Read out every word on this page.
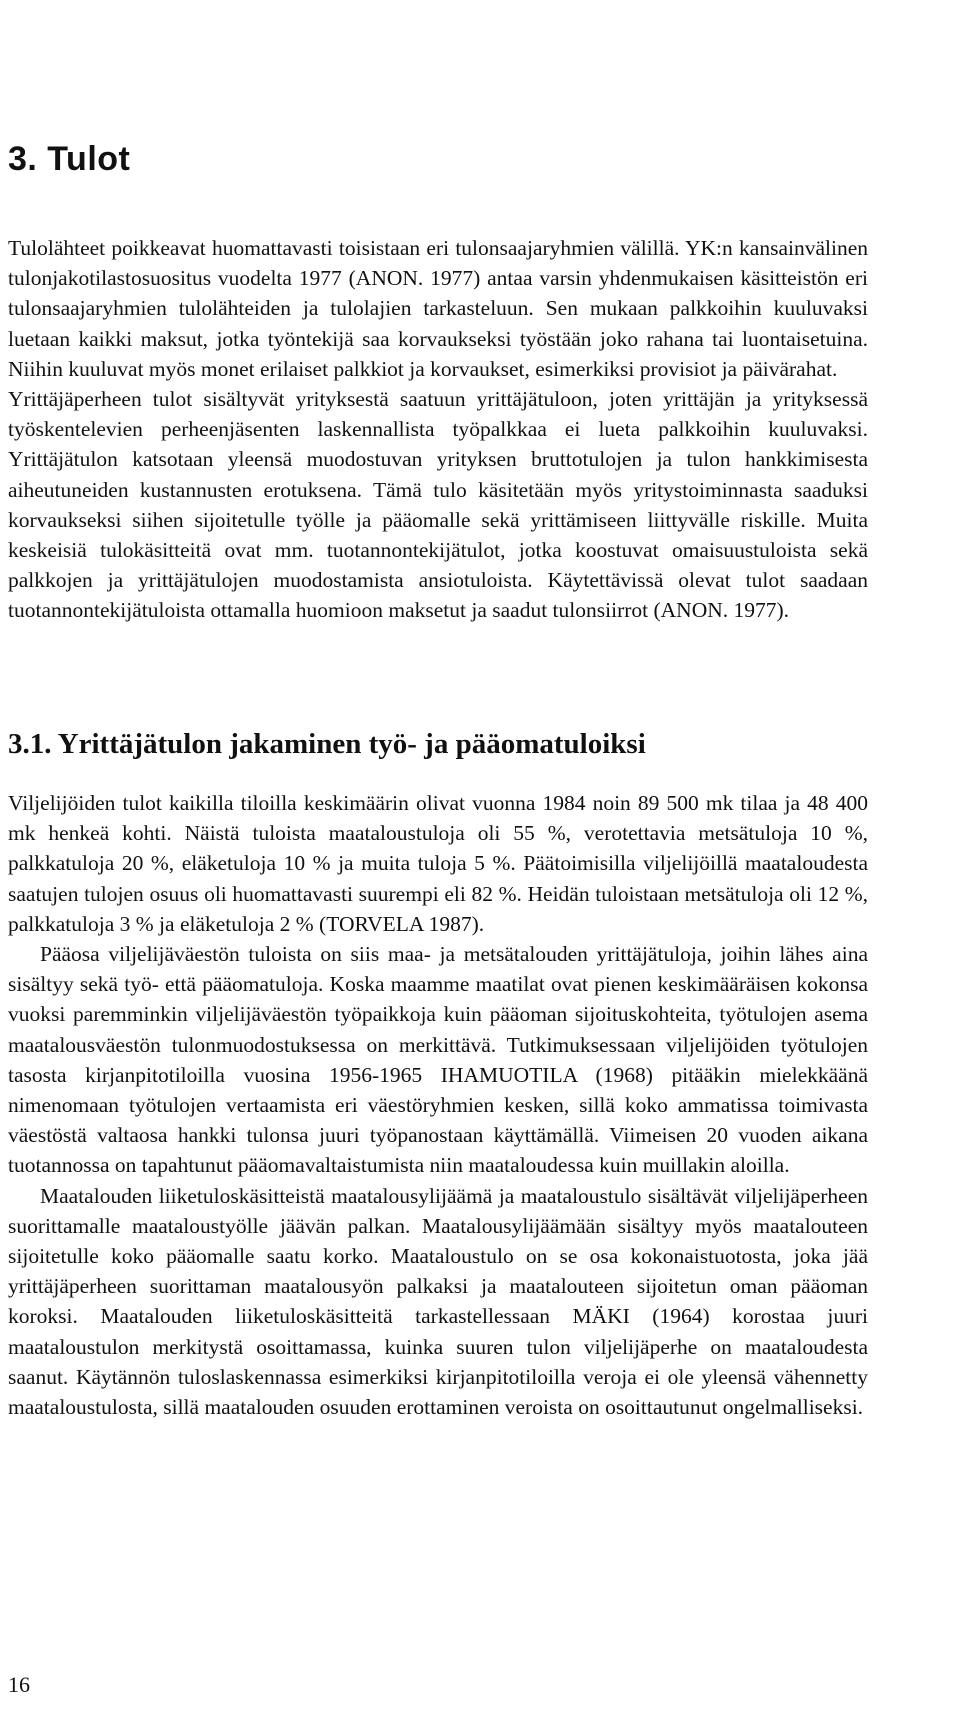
3. Tulot

Tulolähteet poikkeavat huomattavasti toisistaan eri tulonsaajaryhmien välillä. YK:n kansainvälinen tulonjakotilastosuositus vuodelta 1977 (ANON. 1977) antaa varsin yhdenmukaisen käsitteistön eri tulonsaajaryhmien tulolähteiden ja tulolajien tarkasteluun. Sen mukaan palkkoihin kuuluvaksi luetaan kaikki maksut, jotka työntekijä saa korvaukseksi työstään joko rahana tai luontaisetuina. Niihin kuuluvat myös monet erilaiset palkkiot ja korvaukset, esimerkiksi provisiot ja päivärahat.

Yrittäjäperheen tulot sisältyvät yrityksestä saatuun yrittäjätuloon, joten yrittäjän ja yrityksessä työskentelevien perheenjäsenten laskennallista työpalkkaa ei lueta palkkoihin kuuluvaksi. Yrittäjätulon katsotaan yleensä muodostuvan yrityksen bruttotulojen ja tulon hankkimisesta aiheutuneiden kustannusten erotuksena. Tämä tulo käsitetään myös yritystoiminnasta saaduksi korvaukseksi siihen sijoitetulle työlle ja pääomalle sekä yrittämiseen liittyvälle riskille. Muita keskeisiä tulokäsitteitä ovat mm. tuotannontekijätulot, jotka koostuvat omaisuustuloista sekä palkkojen ja yrittäjätulojen muodostamista ansiotuloista. Käytettävissä olevat tulot saadaan tuotannontekijätuloista ottamalla huomioon maksetut ja saadut tulonsiirrot (ANON. 1977).

3.1. Yrittäjätulon jakaminen työ- ja pääomatuloiksi

Viljelijöiden tulot kaikilla tiloilla keskimäärin olivat vuonna 1984 noin 89 500 mk tilaa ja 48 400 mk henkeä kohti. Näistä tuloista maataloustuloja oli 55 %, verotettavia metsätuloja 10 %, palkkatuloja 20 %, eläketuloja 10 % ja muita tuloja 5 %. Päätoimisilla viljelijöillä maataloudesta saatujen tulojen osuus oli huomattavasti suurempi eli 82 %. Heidän tuloistaan metsätuloja oli 12 %, palkkatuloja 3 % ja eläketuloja 2 % (TORVELA 1987).

Pääosa viljelijäväestön tuloista on siis maa- ja metsätalouden yrittäjätuloja, joihin lähes aina sisältyy sekä työ- että pääomatuloja. Koska maamme maatilat ovat pienen keskimääräisen kokonsa vuoksi paremminkin viljelijäväestön työpaikkoja kuin pääoman sijoituskohteita, työtulojen asema maatalousväestön tulonmuodostuksessa on merkittävä. Tutkimuksessaan viljelijöiden työtulojen tasosta kirjanpitotiloilla vuosina 1956-1965 IHAMUOTILA (1968) pitääkin mielekkäänä nimenomaan työtulojen vertaamista eri väestöryhmien kesken, sillä koko ammatissa toimivasta väestöstä valtaosa hankki tulonsa juuri työpanostaan käyttämällä. Viimeisen 20 vuoden aikana tuotannossa on tapahtunut pääomavaltaistumista niin maataloudessa kuin muillakin aloilla.

Maatalouden liiketuloskäsitteistä maatalousylijäämä ja maataloustulo sisältävät viljelijäperheen suorittamalle maataloustyölle jäävän palkan. Maatalousylijäämään sisältyy myös maatalouteen sijoitetulle koko pääomalle saatu korko. Maataloustulo on se osa kokonaistuotosta, joka jää yrittäjäperheen suorittaman maatalousyön palkaksi ja maatalouteen sijoitetun oman pääoman koroksi. Maatalouden liiketuloskäsitteitä tarkastellessaan MÄKI (1964) korostaa juuri maataloustulon merkitystä osoittamassa, kuinka suuren tulon viljelijäperhe on maataloudesta saanut. Käytännön tuloslaskennassa esimerkiksi kirjanpitotiloilla veroja ei ole yleensä vähennetty maataloustulosta, sillä maatalouden osuuden erottaminen veroista on osoittautunut ongelmalliseksi.

16
